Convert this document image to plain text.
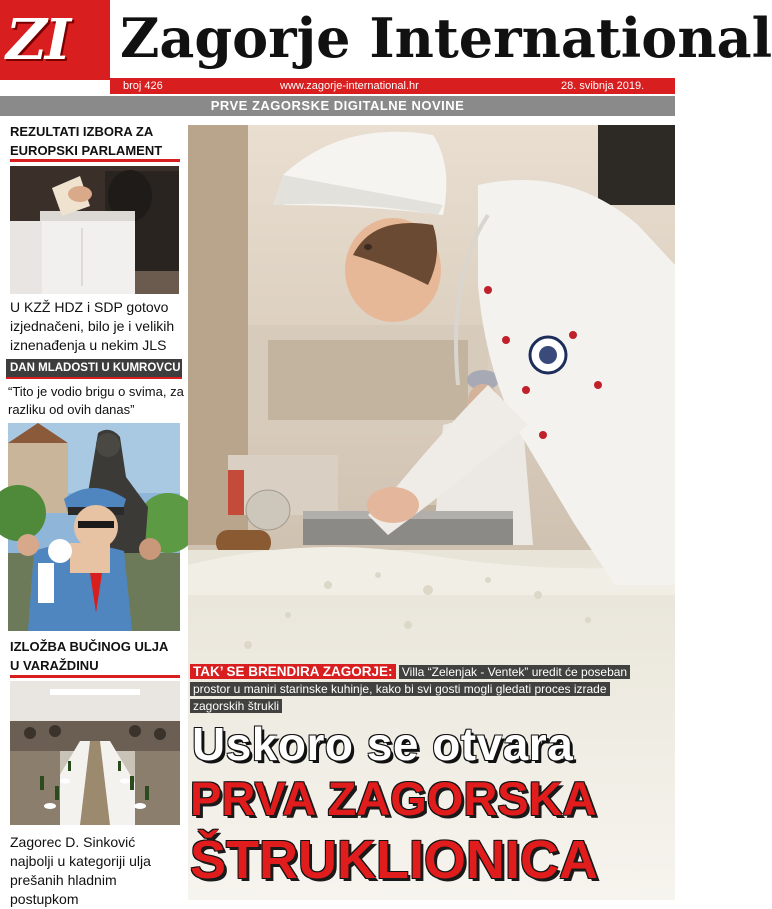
ZI Zagorje International
broj 426	www.zagorje-international.hr	28. svibnja 2019.
PRVE ZAGORSKE DIGITALNE NOVINE
REZULTATI IZBORA ZA EUROPSKI PARLAMENT
U KZŽ HDZ i SDP gotovo izjednačeni, bilo je i velikih iznenađenja u nekim JLS
DAN MLADOSTI U KUMROVCU
“Tito je vodio brigu o svima, za razliku od ovih danas”
IZLOŽBA BUČINOG ULJA U VARAŽDINU
Zagorec D. Sinković najbolji u kategoriji ulja prešanih hladnim postupkom
TAK’ SE BRENDIRA ZAGORJE: Villa “Zelenjak - Ventek” uredit će poseban prostor u maniri starinske kuhinje, kako bi svi gosti mogli gledati proces izrade zagorskih štrukli
Uskoro se otvara
PRVA ZAGORSKA
ŠTRUKLIONICA
